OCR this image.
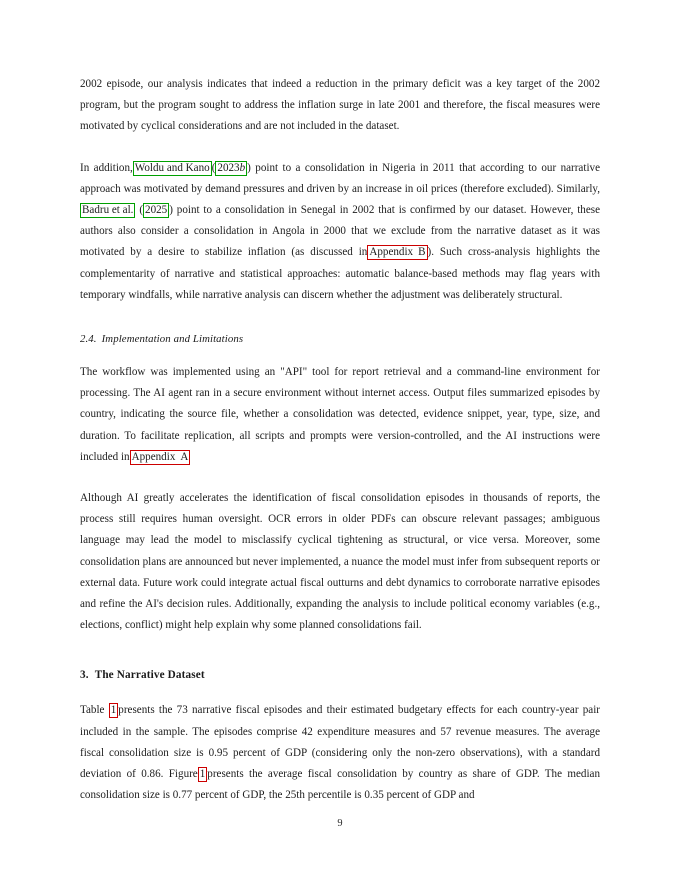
2002 episode, our analysis indicates that indeed a reduction in the primary deficit was a key target of the 2002 program, but the program sought to address the inflation surge in late 2001 and therefore, the fiscal measures were motivated by cyclical considerations and are not included in the dataset.

In addition, Woldu and Kano ( 2023b ) point to a consolidation in Nigeria in 2011 that according to our narrative approach was motivated by demand pressures and driven by an increase in oil prices (therefore excluded). Similarly, Badru et al. ( 2025 ) point to a consolidation in Senegal in 2002 that is confirmed by our dataset. However, these authors also consider a consolidation in Angola in 2000 that we exclude from the narrative dataset as it was motivated by a desire to stabilize inflation (as discussed in Appendix B ). Such cross-analysis highlights the complementarity of narrative and statistical approaches: automatic balance-based methods may flag years with temporary windfalls, while narrative analysis can discern whether the adjustment was deliberately structural.

2.4. Implementation and Limitations

The workflow was implemented using an "API" tool for report retrieval and a command-line environment for processing. The AI agent ran in a secure environment without internet access. Output files summarized episodes by country, indicating the source file, whether a consolidation was detected, evidence snippet, year, type, size, and duration. To facilitate replication, all scripts and prompts were version-controlled, and the AI instructions were included in Appendix A

Although AI greatly accelerates the identification of fiscal consolidation episodes in thousands of reports, the process still requires human oversight. OCR errors in older PDFs can obscure relevant passages; ambiguous language may lead the model to misclassify cyclical tightening as structural, or vice versa. Moreover, some consolidation plans are announced but never implemented, a nuance the model must infer from subsequent reports or external data. Future work could integrate actual fiscal outturns and debt dynamics to corroborate narrative episodes and refine the AI's decision rules. Additionally, expanding the analysis to include political economy variables (e.g., elections, conflict) might help explain why some planned consolidations fail.

3. The Narrative Dataset

Table 1 presents the 73 narrative fiscal episodes and their estimated budgetary effects for each country-year pair included in the sample. The episodes comprise 42 expenditure measures and 57 revenue measures. The average fiscal consolidation size is 0.95 percent of GDP (considering only the non-zero observations), with a standard deviation of 0.86. Figure 1 presents the average fiscal consolidation by country as share of GDP. The median consolidation size is 0.77 percent of GDP, the 25th percentile is 0.35 percent of GDP and

9
